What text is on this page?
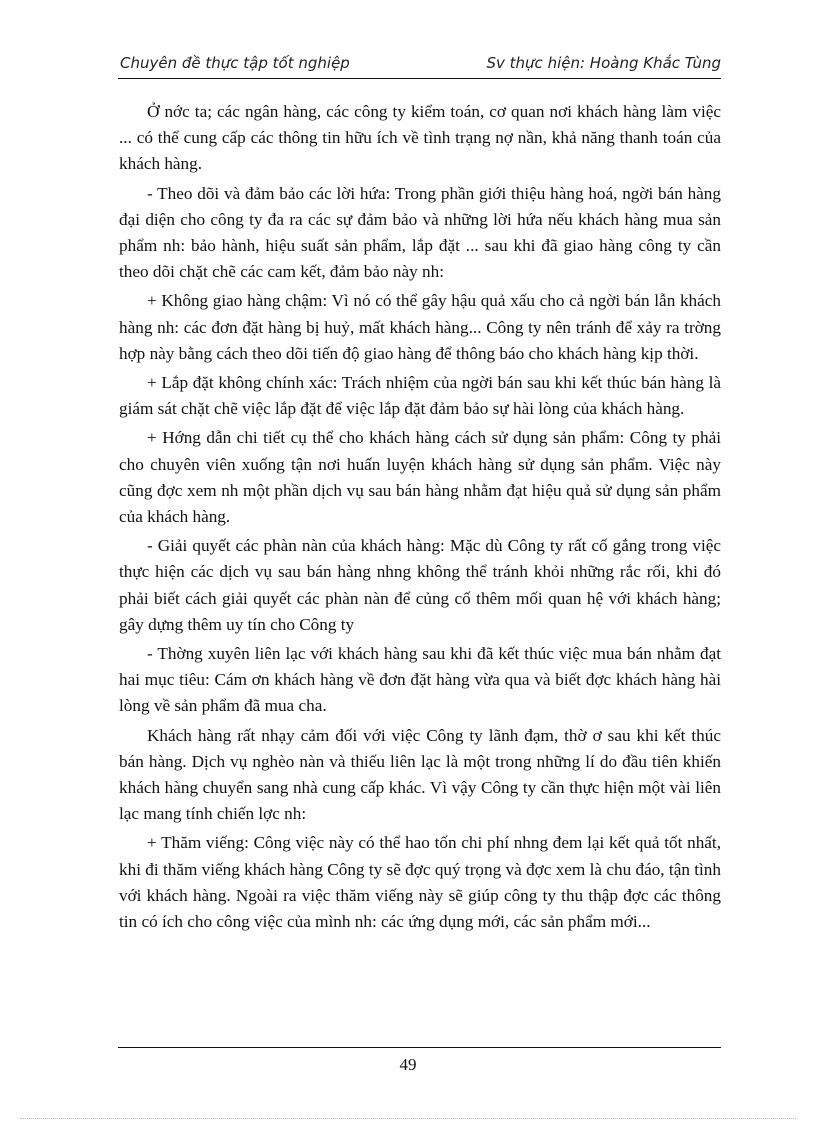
Chuyên đề thực tập tốt nghiệp	Sv thực hiện: Hoàng Khắc Tùng

Ở nớc ta; các ngân hàng, các công ty kiểm toán, cơ quan nơi khách hàng làm việc ... có thể cung cấp các thông tin hữu ích về tình trạng nợ nần, khả năng thanh toán của khách hàng.

- Theo dõi và đảm bảo các lời hứa: Trong phần giới thiệu hàng hoá, ngời bán hàng đại diện cho công ty đa ra các sự đảm bảo và những lời hứa nếu khách hàng mua sản phẩm nh: bảo hành, hiệu suất sản phẩm, lắp đặt ... sau khi đã giao hàng công ty cần theo dõi chặt chẽ các cam kết, đảm bảo này nh:

+ Không giao hàng chậm: Vì nó có thể gây hậu quả xấu cho cả ngời bán lẫn khách hàng nh: các đơn đặt hàng bị huỷ, mất khách hàng... Công ty nên tránh để xảy ra trờng hợp này bằng cách theo dõi tiến độ giao hàng để thông báo cho khách hàng kịp thời.

+ Lắp đặt không chính xác: Trách nhiệm của ngời bán sau khi kết thúc bán hàng là giám sát chặt chẽ việc lắp đặt để việc lắp đặt đảm bảo sự hài lòng của khách hàng.

+ Hớng dẫn chi tiết cụ thể cho khách hàng cách sử dụng sản phẩm: Công ty phải cho chuyên viên xuống tận nơi huấn luyện khách hàng sử dụng sản phẩm. Việc này cũng đợc xem nh một phần dịch vụ sau bán hàng nhằm đạt hiệu quả sử dụng sản phẩm của khách hàng.

- Giải quyết các phàn nàn của khách hàng: Mặc dù Công ty rất cố gắng trong việc thực hiện các dịch vụ sau bán hàng nhng không thể tránh khỏi những rắc rối, khi đó phải biết cách giải quyết các phàn nàn để củng cố thêm mối quan hệ với khách hàng; gây dựng thêm uy tín cho Công ty

- Thờng xuyên liên lạc với khách hàng sau khi đã kết thúc việc mua bán nhằm đạt hai mục tiêu: Cám ơn khách hàng về đơn đặt hàng vừa qua và biết đợc khách hàng hài lòng về sản phẩm đã mua cha.

Khách hàng rất nhạy cảm đối với việc Công ty lãnh đạm, thờ ơ sau khi kết thúc bán hàng. Dịch vụ nghèo nàn và thiếu liên lạc là một trong những lí do đầu tiên khiến khách hàng chuyển sang nhà cung cấp khác. Vì vậy Công ty cần thực hiện một vài liên lạc mang tính chiến lợc nh:

+ Thăm viếng: Công việc này có thể hao tốn chi phí nhng đem lại kết quả tốt nhất, khi đi thăm viếng khách hàng Công ty sẽ đợc quý trọng và đợc xem là chu đáo, tận tình với khách hàng. Ngoài ra việc thăm viếng này sẽ giúp công ty thu thập đợc các thông tin có ích cho công việc của mình nh: các ứng dụng mới, các sản phẩm mới...

49
